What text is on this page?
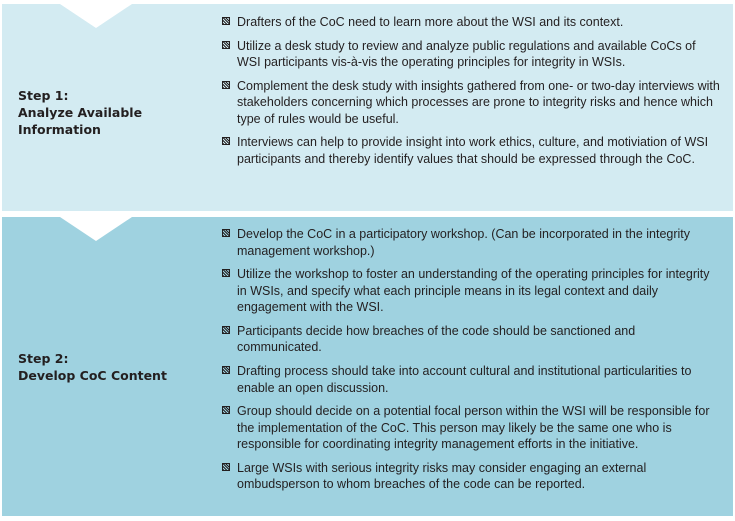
Step 1:
Analyze Available
Information
Drafters of the CoC need to learn more about the WSI and its context.
Utilize a desk study to review and analyze public regulations and available CoCs of WSI participants vis-à-vis the operating principles for integrity in WSIs.
Complement the desk study with insights gathered from one- or two-day interviews with stakeholders concerning which processes are prone to integrity risks and hence which type of rules would be useful.
Interviews can help to provide insight into work ethics, culture, and motiviation of WSI participants and thereby identify values that should be expressed through the CoC.
Step 2:
Develop CoC Content
Develop the CoC in a participatory workshop. (Can be incorporated in the integrity management workshop.)
Utilize the workshop to foster an understanding of the operating principles for integrity in WSIs, and specify what each principle means in its legal context and daily engagement with the WSI.
Participants decide how breaches of the code should be sanctioned and communicated.
Drafting process should take into account cultural and institutional particularities to enable an open discussion.
Group should decide on a potential focal person within the WSI will be responsible for the implementation of the CoC. This person may likely be the same one who is responsible for coordinating integrity management efforts in the initiative.
Large WSIs with serious integrity risks may consider engaging an external ombudsperson to whom breaches of the code can be reported.
